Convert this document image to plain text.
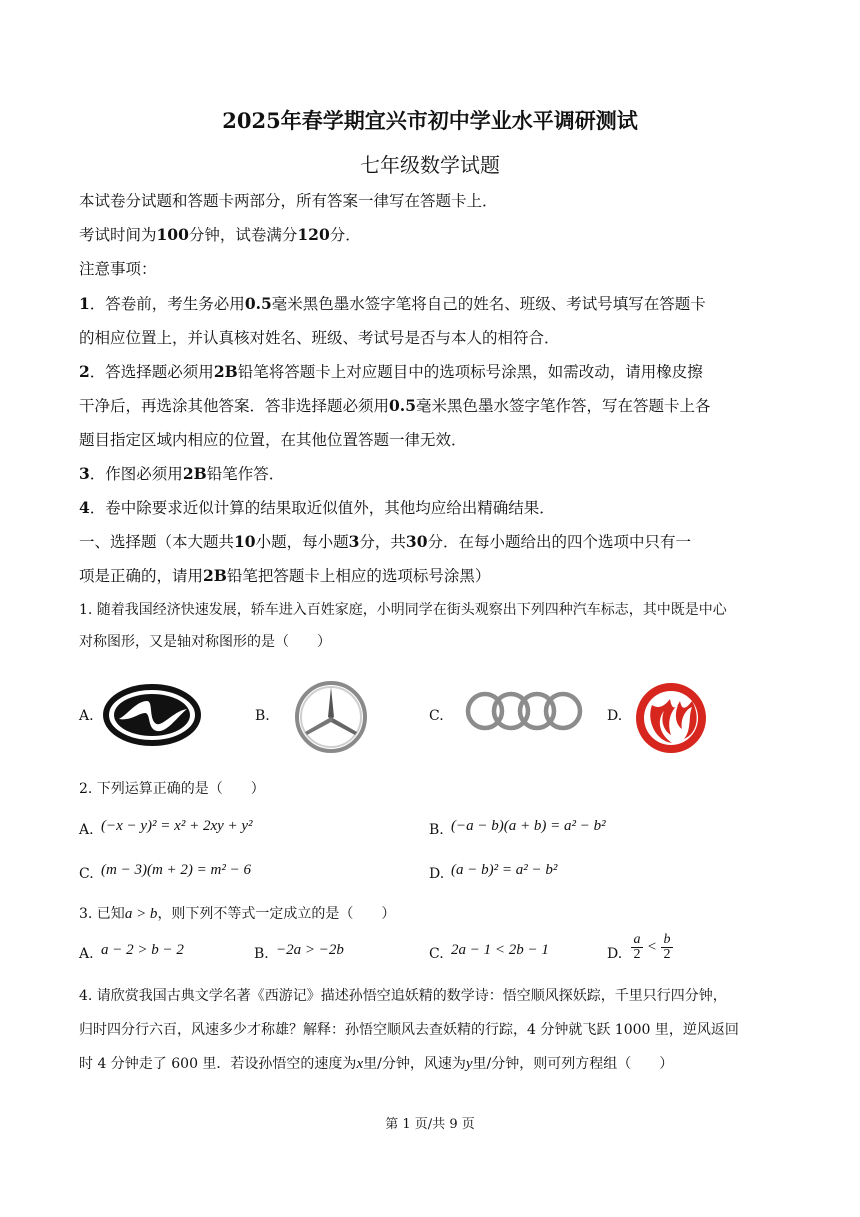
2025年春学期宜兴市初中学业水平调研测试
七年级数学试题
本试卷分试题和答题卡两部分，所有答案一律写在答题卡上．
考试时间为100分钟，试卷满分120分．
注意事项：
1．答卷前，考生务必用0.5毫米黑色墨水签字笔将自己的姓名、班级、考试号填写在答题卡
的相应位置上，并认真核对姓名、班级、考试号是否与本人的相符合．
2．答选择题必须用2B铅笔将答题卡上对应题目中的选项标号涂黑，如需改动，请用橡皮擦
干净后，再选涂其他答案．答非选择题必须用0.5毫米黑色墨水签字笔作答，写在答题卡上各
题目指定区域内相应的位置，在其他位置答题一律无效．
3．作图必须用2B铅笔作答．
4．卷中除要求近似计算的结果取近似值外，其他均应给出精确结果．
一、选择题（本大题共10小题，每小题3分，共30分．在每小题给出的四个选项中只有一
项是正确的，请用2B铅笔把答题卡上相应的选项标号涂黑）
1. 随着我国经济快速发展，轿车进入百姓家庭，小明同学在街头观察出下列四种汽车标志，其中既是中心
对称图形，又是轴对称图形的是（　　）
A.	B.	C.	D.
2. 下列运算正确的是（　　）
A. (−x − y)² = x² + 2xy + y²	B. (−a − b)(a + b) = a² − b²
C. (m − 3)(m + 2) = m² − 6	D. (a − b)² = a² − b²
3. 已知a > b，则下列不等式一定成立的是（　　）
A. a − 2 > b − 2	B. −2a > −2b	C. 2a − 1 < 2b − 1	D. $\frac{a}{2} < \frac{b}{2}$
4. 请欣赏我国古典文学名著《西游记》描述孙悟空追妖精的数学诗：悟空顺风探妖踪，千里只行四分钟，
归时四分行六百，风速多少才称雄？解释：孙悟空顺风去查妖精的行踪，4 分钟就飞跃 1000 里，逆风返回
时 4 分钟走了 600 里．若设孙悟空的速度为x里/分钟，风速为y里/分钟，则可列方程组（　　）
第 1 页/共 9 页
